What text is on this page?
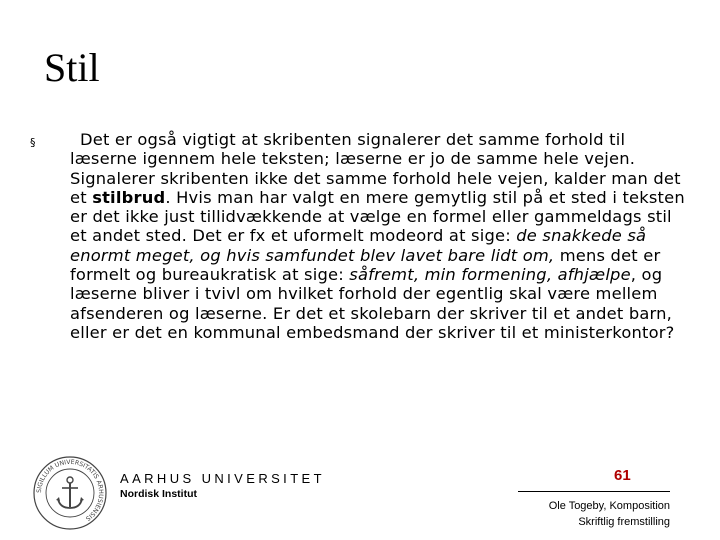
Stil
§	Det er også vigtigt at skribenten signalerer det samme forhold til læserne igennem hele teksten; læserne er jo de samme hele vejen. Signalerer skribenten ikke det samme forhold hele vejen, kalder man det et stilbrud. Hvis man har valgt en mere gemytlig stil på et sted i teksten er det ikke just tillidvækkende at vælge en formel eller gammeldags stil et andet sted. Det er fx et uformelt modeord at sige: de snakkede så enormt meget, og hvis samfundet blev lavet bare lidt om, mens det er formelt og bureaukratisk at sige: såfremt, min formening, afhjælpe, og læserne bliver i tvivl om hvilket forhold der egentlig skal være mellem afsenderen og læserne. Er det et skolebarn der skriver til et andet barn, eller er det en kommunal embedsmand der skriver til et ministerkontor?
SIGILLUM UNIVERSITATIS ARHUSIENSIS
AARHUS UNIVERSITET
Nordisk Institut
61
Ole Togeby, Komposition
Skriftlig fremstilling
